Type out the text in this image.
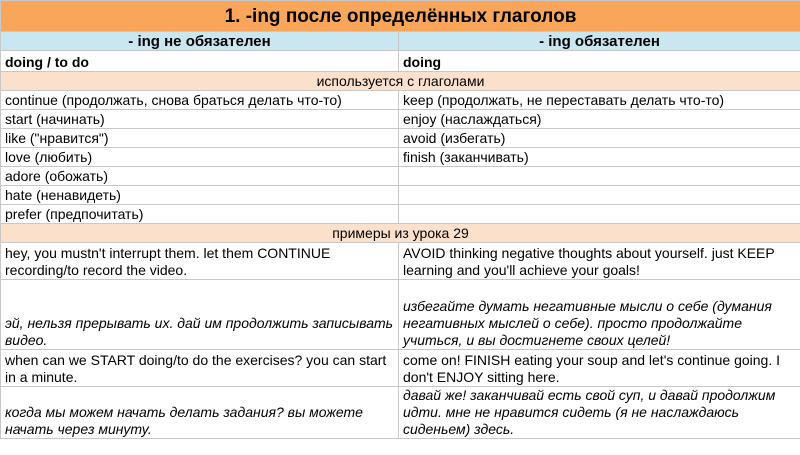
1. -ing после определённых глаголов	
- ing не обязателен	- ing обязателен
doing / to do	doing
используется с глаголами	
continue (продолжать, снова браться делать что-то)	keep (продолжать, не переставать делать что-то)
start (начинать)	enjoy (наслаждаться)
like ("нравится")	avoid (избегать)
love (любить)	finish (заканчивать)
adore (обожать)	
hate (ненавидеть)	
prefer (предпочитать)	
примеры из урока 29	
hey, you mustn't interrupt them. let them CONTINUE recording/to record the video.	AVOID thinking negative thoughts about yourself. just KEEP learning and you'll achieve your goals!
эй, нельзя прерывать их. дай им продолжить записывать видео.	избегайте думать негативные мысли о себе (думания негативных мыслей о себе). просто продолжайте учиться, и вы достигнете своих целей!
when can we START doing/to do the exercises? you can start in a minute.	come on! FINISH eating your soup and let's continue going. I don't ENJOY sitting here.
когда мы можем начать делать задания? вы можете начать через минуту.	давай же! заканчивай есть свой суп, и давай продолжим идти. мне не нравится сидеть (я не наслаждаюсь сиденьем) здесь.
